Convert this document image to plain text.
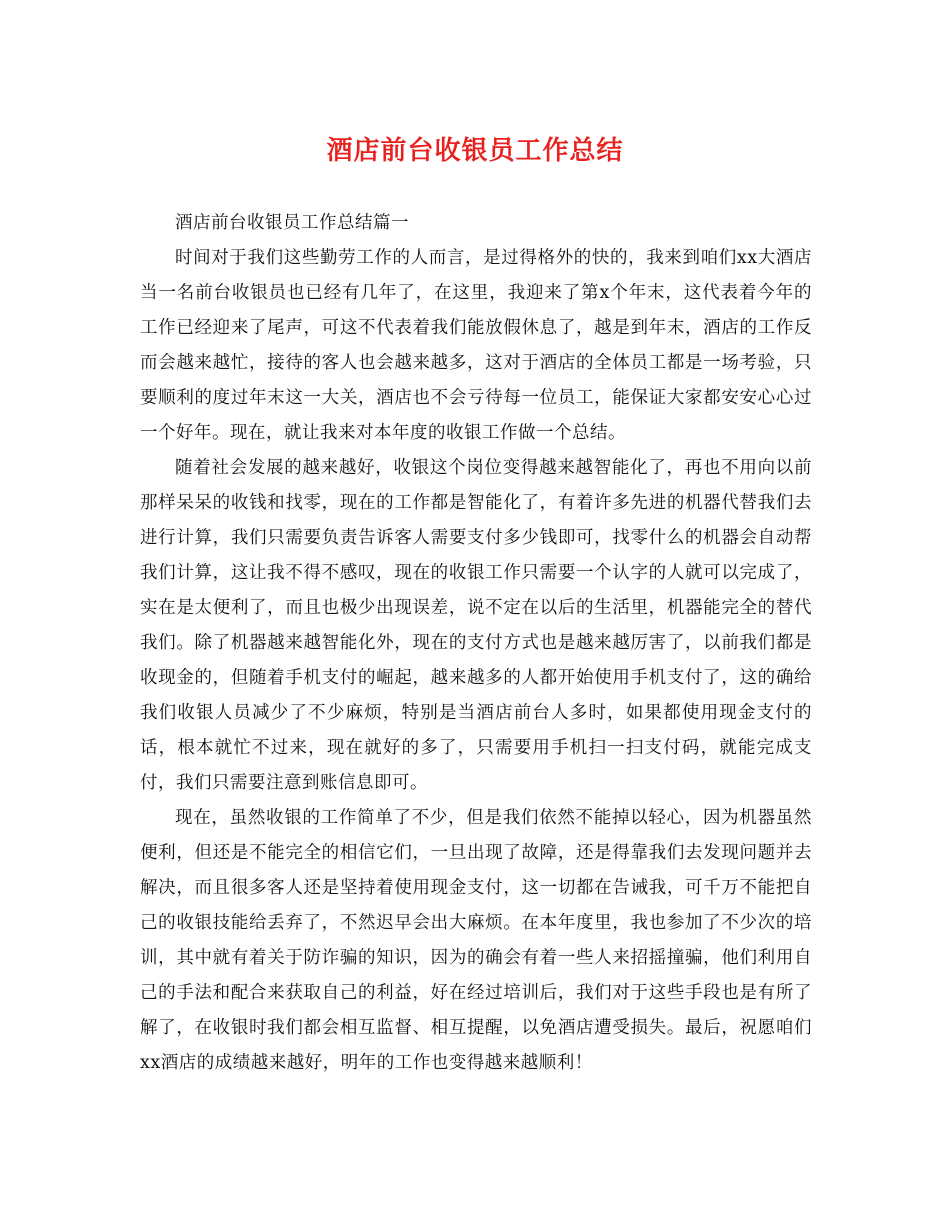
酒店前台收银员工作总结

酒店前台收银员工作总结篇一

时间对于我们这些勤劳工作的人而言，是过得格外的快的，我来到咱们xx大酒店当一名前台收银员也已经有几年了，在这里，我迎来了第x个年末，这代表着今年的工作已经迎来了尾声，可这不代表着我们能放假休息了，越是到年末，酒店的工作反而会越来越忙，接待的客人也会越来越多，这对于酒店的全体员工都是一场考验，只要顺利的度过年末这一大关，酒店也不会亏待每一位员工，能保证大家都安安心心过一个好年。现在，就让我来对本年度的收银工作做一个总结。

随着社会发展的越来越好，收银这个岗位变得越来越智能化了，再也不用向以前那样呆呆的收钱和找零，现在的工作都是智能化了，有着许多先进的机器代替我们去进行计算，我们只需要负责告诉客人需要支付多少钱即可，找零什么的机器会自动帮我们计算，这让我不得不感叹，现在的收银工作只需要一个认字的人就可以完成了，实在是太便利了，而且也极少出现误差，说不定在以后的生活里，机器能完全的替代我们。除了机器越来越智能化外，现在的支付方式也是越来越厉害了，以前我们都是收现金的，但随着手机支付的崛起，越来越多的人都开始使用手机支付了，这的确给我们收银人员减少了不少麻烦，特别是当酒店前台人多时，如果都使用现金支付的话，根本就忙不过来，现在就好的多了，只需要用手机扫一扫支付码，就能完成支付，我们只需要注意到账信息即可。

现在，虽然收银的工作简单了不少，但是我们依然不能掉以轻心，因为机器虽然便利，但还是不能完全的相信它们，一旦出现了故障，还是得靠我们去发现问题并去解决，而且很多客人还是坚持着使用现金支付，这一切都在告诫我，可千万不能把自己的收银技能给丢弃了，不然迟早会出大麻烦。在本年度里，我也参加了不少次的培训，其中就有着关于防诈骗的知识，因为的确会有着一些人来招摇撞骗，他们利用自己的手法和配合来获取自己的利益，好在经过培训后，我们对于这些手段也是有所了解了，在收银时我们都会相互监督、相互提醒，以免酒店遭受损失。最后，祝愿咱们xx酒店的成绩越来越好，明年的工作也变得越来越顺利！
